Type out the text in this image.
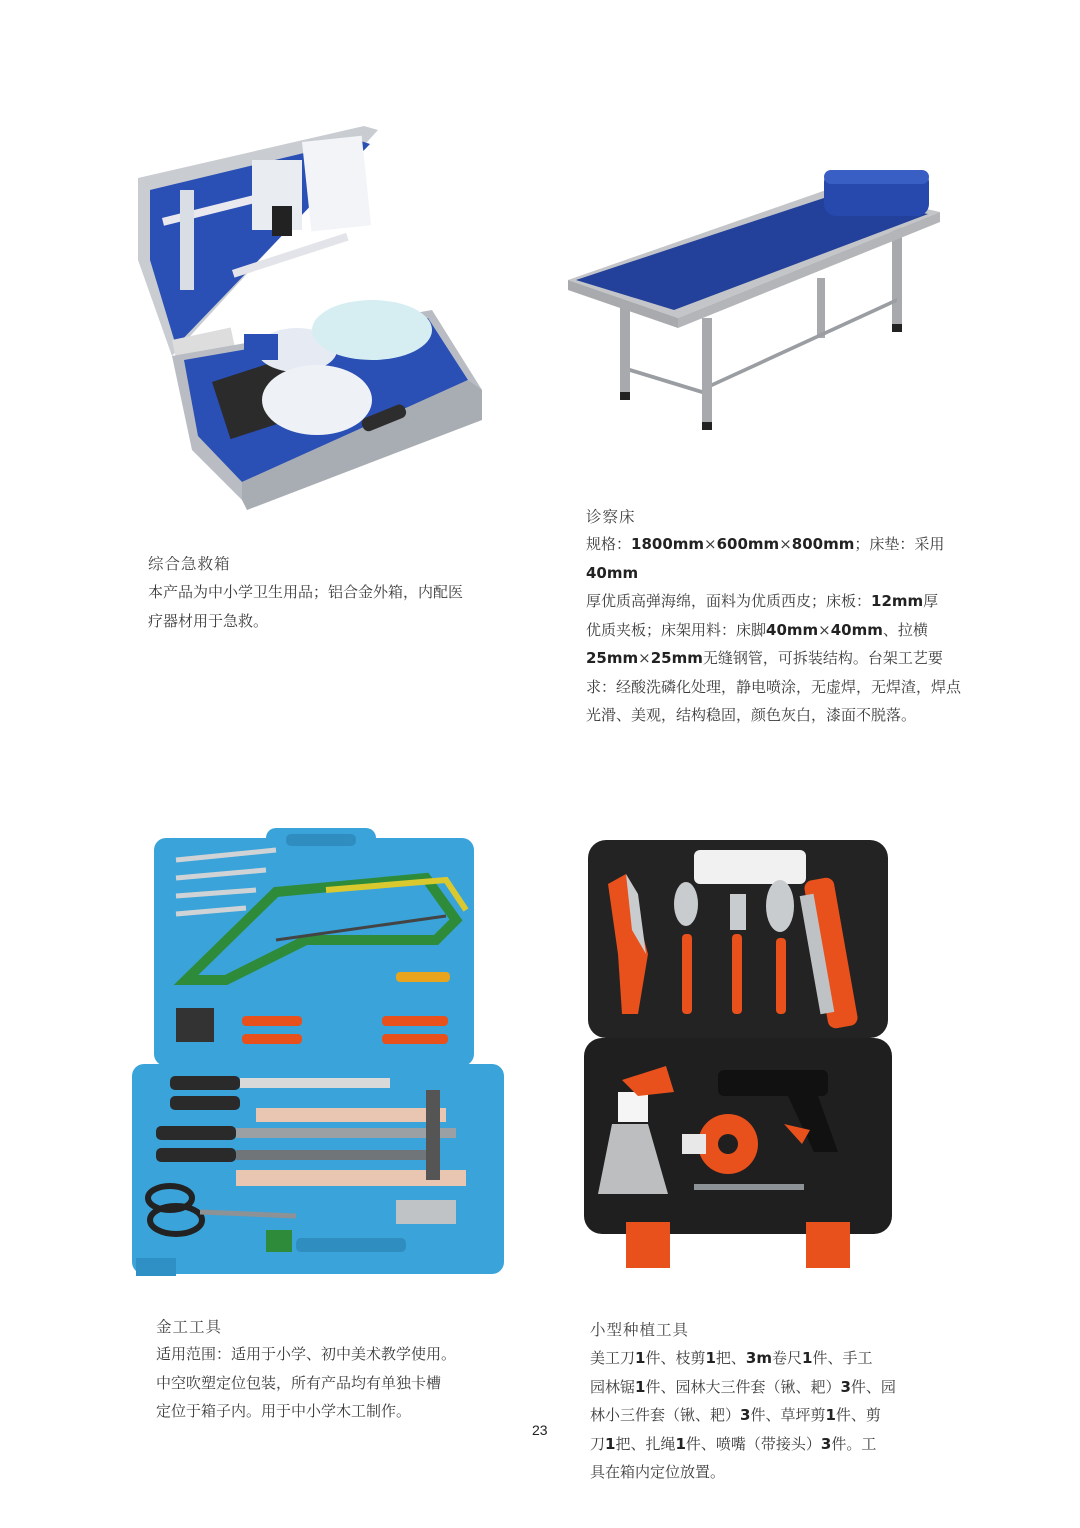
综合急救箱
本产品为中小学卫生用品；铝合金外箱，内配医
疗器材用于急救。
诊察床
规格：1800mm×600mm×800mm；床垫：采用40mm
厚优质高弹海绵，面料为优质西皮；床板：12mm厚
优质夹板；床架用料：床脚40mm×40mm、拉横
25mm×25mm无缝钢管，可拆装结构。台架工艺要
求：经酸洗磷化处理，静电喷涂，无虚焊，无焊渣，焊点
光滑、美观，结构稳固，颜色灰白，漆面不脱落。
金工工具
适用范围：适用于小学、初中美术教学使用。
中空吹塑定位包装，所有产品均有单独卡槽
定位于箱子内。用于中小学木工制作。
小型种植工具
美工刀1件、枝剪1把、3m卷尺1件、手工
园林锯1件、园林大三件套（锹、耙）3件、园
林小三件套（锹、耙）3件、草坪剪1件、剪
刀1把、扎绳1件、喷嘴（带接头）3件。工
具在箱内定位放置。
23
